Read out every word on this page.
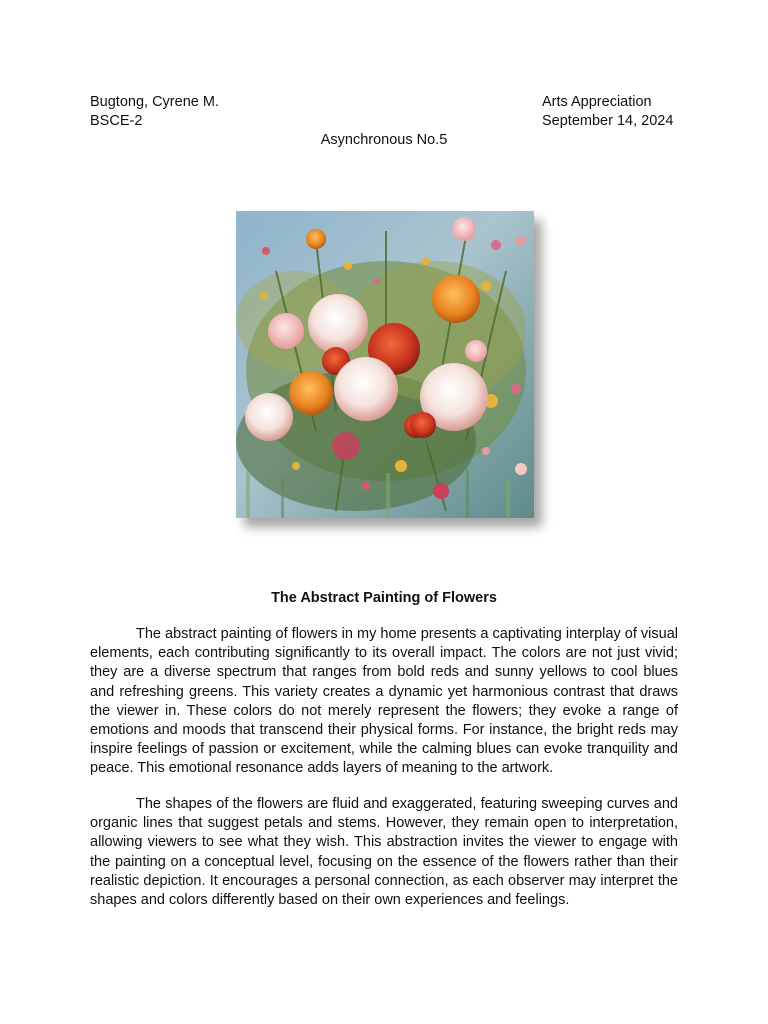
Bugtong, Cyrene M.
BSCE-2
Arts Appreciation
September 14, 2024
Asynchronous No.5
The Abstract Painting of Flowers

The abstract painting of flowers in my home presents a captivating interplay of visual elements, each contributing significantly to its overall impact. The colors are not just vivid; they are a diverse spectrum that ranges from bold reds and sunny yellows to cool blues and refreshing greens. This variety creates a dynamic yet harmonious contrast that draws the viewer in. These colors do not merely represent the flowers; they evoke a range of emotions and moods that transcend their physical forms. For instance, the bright reds may inspire feelings of passion or excitement, while the calming blues can evoke tranquility and peace. This emotional resonance adds layers of meaning to the artwork.

The shapes of the flowers are fluid and exaggerated, featuring sweeping curves and organic lines that suggest petals and stems. However, they remain open to interpretation, allowing viewers to see what they wish. This abstraction invites the viewer to engage with the painting on a conceptual level, focusing on the essence of the flowers rather than their realistic depiction. It encourages a personal connection, as each observer may interpret the shapes and colors differently based on their own experiences and feelings.
